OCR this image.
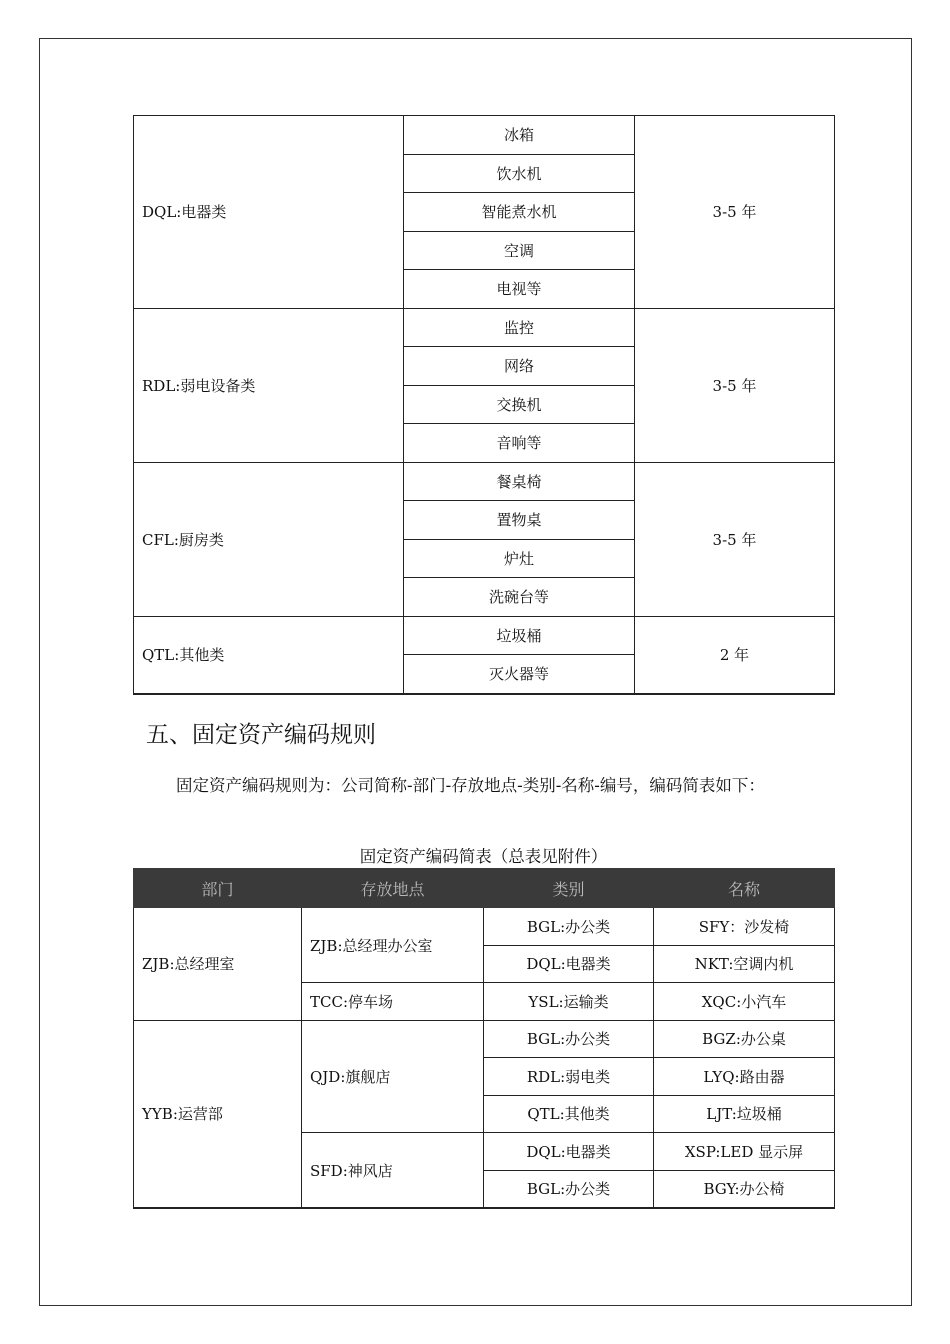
DQL:电器类	冰箱	3-5 年
	饮水机	
	智能煮水机	
	空调	
	电视等	
RDL:弱电设备类	监控	3-5 年
	网络	
	交换机	
	音响等	
CFL:厨房类	餐桌椅	3-5 年
	置物桌	
	炉灶	
	洗碗台等	
QTL:其他类	垃圾桶	2 年
	灭火器等	
五、固定资产编码规则

固定资产编码规则为：公司简称-部门-存放地点-类别-名称-编号，编码简表如下：

固定资产编码简表（总表见附件）
部门	存放地点	类别	名称
ZJB:总经理室	ZJB:总经理办公室	BGL:办公类	SFY：沙发椅
		DQL:电器类	NKT:空调内机
	TCC:停车场	YSL:运输类	XQC:小汽车
YYB:运营部	QJD:旗舰店	BGL:办公类	BGZ:办公桌
		RDL:弱电类	LYQ:路由器
		QTL:其他类	LJT:垃圾桶
	SFD:神风店	DQL:电器类	XSP:LED 显示屏
		BGL:办公类	BGY:办公椅
